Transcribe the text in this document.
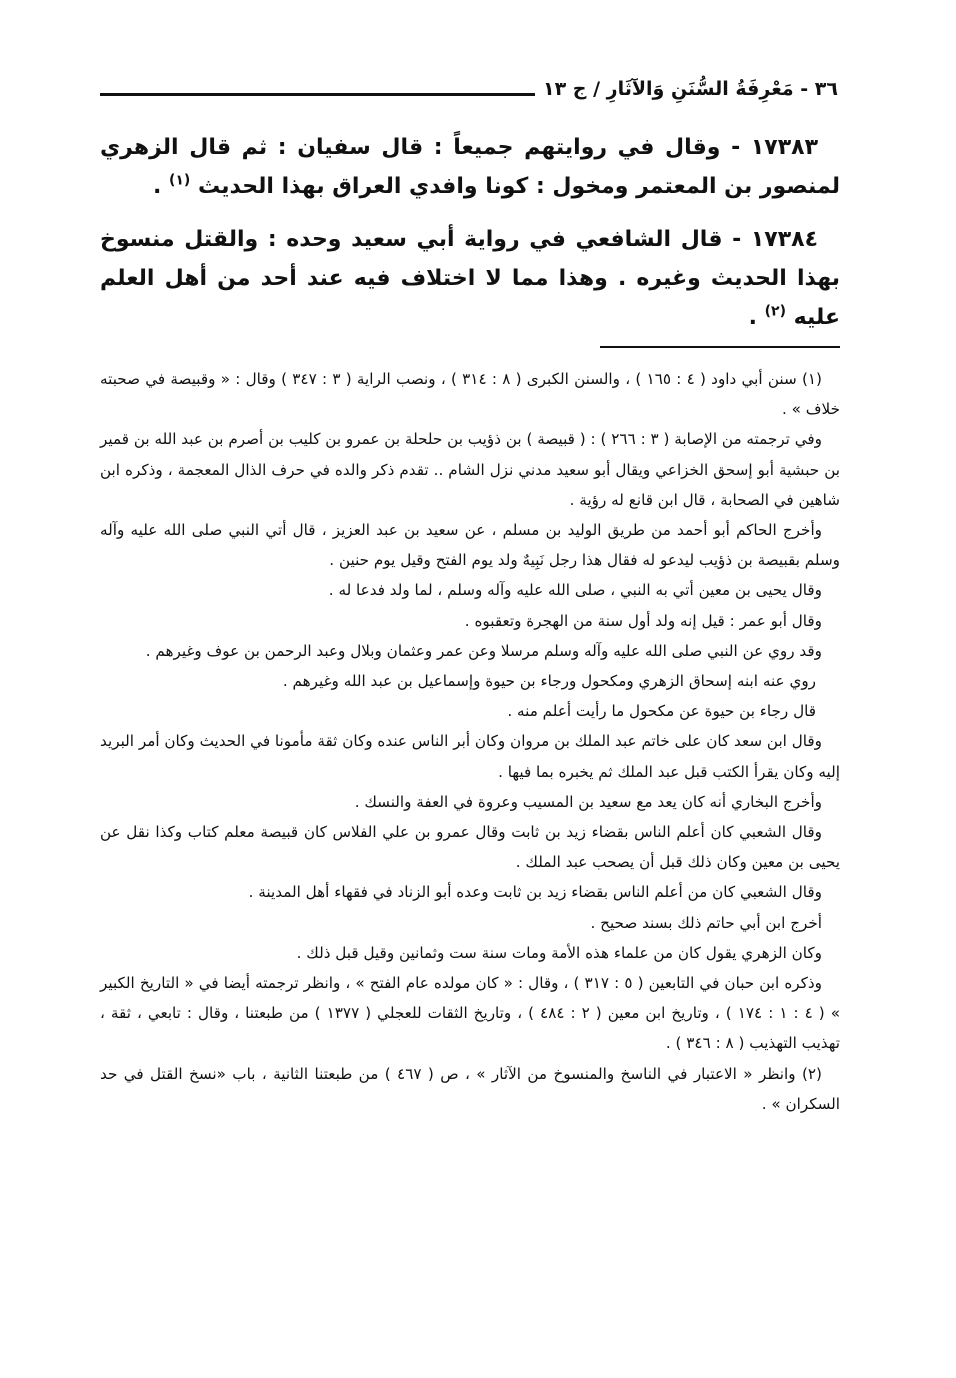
٣٦ - مَعْرِفَةُ السُّنَنِ وَالآثَارِ / ج ١٣

١٧٣٨٣ - وقال في روايتهم جميعاً : قال سفيان : ثم قال الزهري لمنصور بن المعتمر ومخول : كونا وافدي العراق بهذا الحديث $^{(١)}$ .

١٧٣٨٤ - قال الشافعي في رواية أبي سعيد وحده : والقتل منسوخ بهذا الحديث وغيره . وهذا مما لا اختلاف فيه عند أحد من أهل العلم عليه $^{(٢)}$ .

(١) سنن أبي داود ( ٤ : ١٦٥ ) ، والسنن الكبرى ( ٨ : ٣١٤ ) ، ونصب الراية ( ٣ : ٣٤٧ ) وقال : « وقبيصة في صحبته خلاف » .

وفي ترجمته من الإصابة ( ٣ : ٢٦٦ ) : ( قبيصة ) بن ذؤيب بن حلحلة بن عمرو بن كليب بن أصرم بن عبد الله بن قمير بن حبشية أبو إسحق الخزاعي ويقال أبو سعيد مدني نزل الشام .. تقدم ذكر والده في حرف الذال المعجمة ، وذكره ابن شاهين في الصحابة ، قال ابن قانع له رؤية .

وأخرج الحاكم أبو أحمد من طريق الوليد بن مسلم ، عن سعيد بن عبد العزيز ، قال أتي النبي صلى الله عليه وآله وسلم بقبيصة بن ذؤيب ليدعو له فقال هذا رجل نَبِيهٌ ولد يوم الفتح وقيل يوم حنين .

وقال يحيى بن معين أتي به النبي ، صلى الله عليه وآله وسلم ، لما ولد فدعا له .

وقال أبو عمر : قيل إنه ولد أول سنة من الهجرة وتعقبوه .

وقد روي عن النبي صلى الله عليه وآله وسلم مرسلا وعن عمر وعثمان وبلال وعبد الرحمن بن عوف وغيرهم .

روي عنه ابنه إسحاق الزهري ومكحول ورجاء بن حيوة وإسماعيل بن عبد الله وغيرهم .

قال رجاء بن حيوة عن مكحول ما رأيت أعلم منه .

وقال ابن سعد كان على خاتم عبد الملك بن مروان وكان أبر الناس عنده وكان ثقة مأمونا في الحديث وكان أمر البريد إليه وكان يقرأ الكتب قبل عبد الملك ثم يخبره بما فيها .

وأخرج البخاري أنه كان يعد مع سعيد بن المسيب وعروة في العفة والنسك .

وقال الشعبي كان أعلم الناس بقضاء زيد بن ثابت وقال عمرو بن علي الفلاس كان قبيصة معلم كتاب وكذا نقل عن يحيى بن معين وكان ذلك قبل أن يصحب عبد الملك .

وقال الشعبي كان من أعلم الناس بقضاء زيد بن ثابت وعده أبو الزناد في فقهاء أهل المدينة .

أخرج ابن أبي حاتم ذلك بسند صحيح .

وكان الزهري يقول كان من علماء هذه الأمة ومات سنة ست وثمانين وقيل قبل ذلك .

وذكره ابن حبان في التابعين ( ٥ : ٣١٧ ) ، وقال : « كان مولده عام الفتح » ، وانظر ترجمته أيضا في « التاريخ الكبير » ( ٤ : ١ : ١٧٤ ) ، وتاريخ ابن معين ( ٢ : ٤٨٤ ) ، وتاريخ الثقات للعجلي ( ١٣٧٧ ) من طبعتنا ، وقال : تابعي ، ثقة ، تهذيب التهذيب ( ٨ : ٣٤٦ ) .

(٢) وانظر « الاعتبار في الناسخ والمنسوخ من الآثار » ، ص ( ٤٦٧ ) من طبعتنا الثانية ، باب «نسخ القتل في حد السكران » .
